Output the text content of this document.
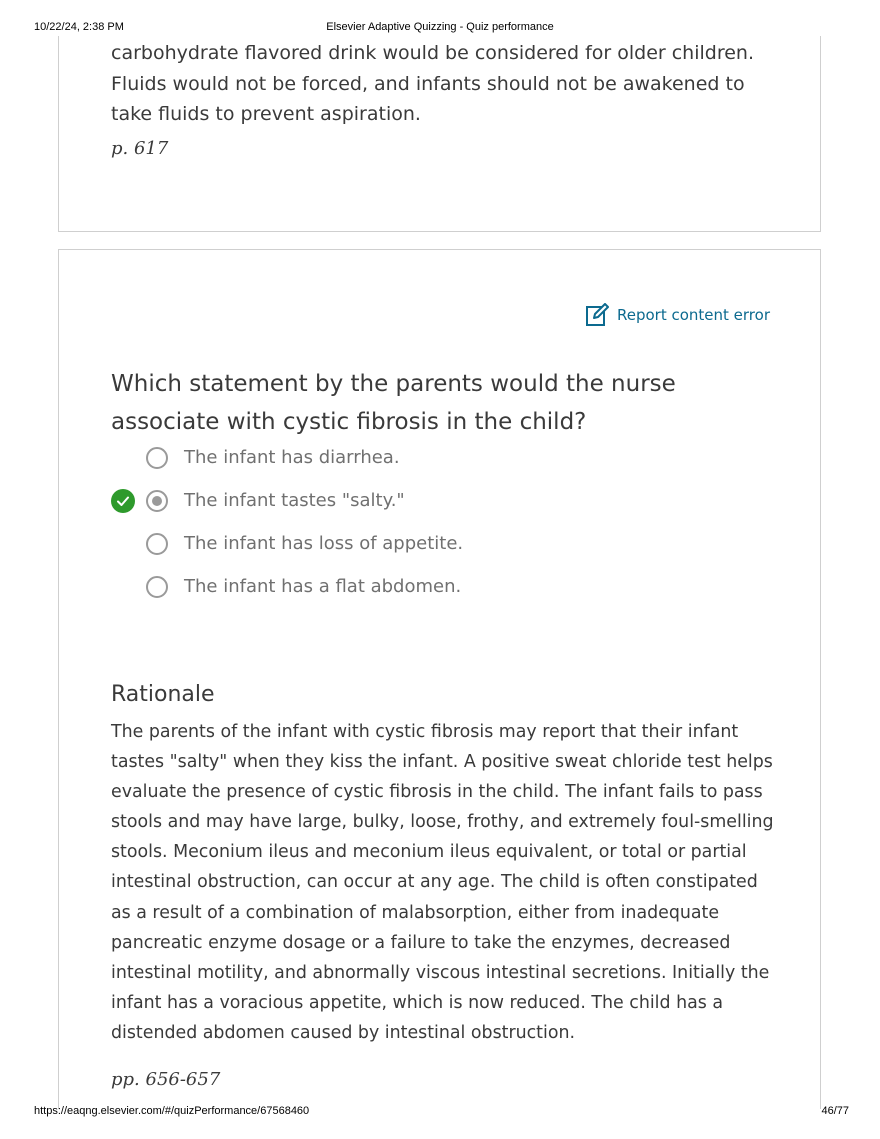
10/22/24, 2:38 PM	Elsevier Adaptive Quizzing - Quiz performance
carbohydrate flavored drink would be considered for older children. Fluids would not be forced, and infants should not be awakened to take fluids to prevent aspiration.
p. 617
Report content error
Which statement by the parents would the nurse associate with cystic fibrosis in the child?
The infant has diarrhea.
The infant tastes "salty."
The infant has loss of appetite.
The infant has a flat abdomen.
Rationale
The parents of the infant with cystic fibrosis may report that their infant tastes "salty" when they kiss the infant. A positive sweat chloride test helps evaluate the presence of cystic fibrosis in the child. The infant fails to pass stools and may have large, bulky, loose, frothy, and extremely foul-smelling stools. Meconium ileus and meconium ileus equivalent, or total or partial intestinal obstruction, can occur at any age. The child is often constipated as a result of a combination of malabsorption, either from inadequate pancreatic enzyme dosage or a failure to take the enzymes, decreased intestinal motility, and abnormally viscous intestinal secretions. Initially the infant has a voracious appetite, which is now reduced. The child has a distended abdomen caused by intestinal obstruction.
pp. 656-657
https://eaqng.elsevier.com/#/quizPerformance/67568460	46/77
